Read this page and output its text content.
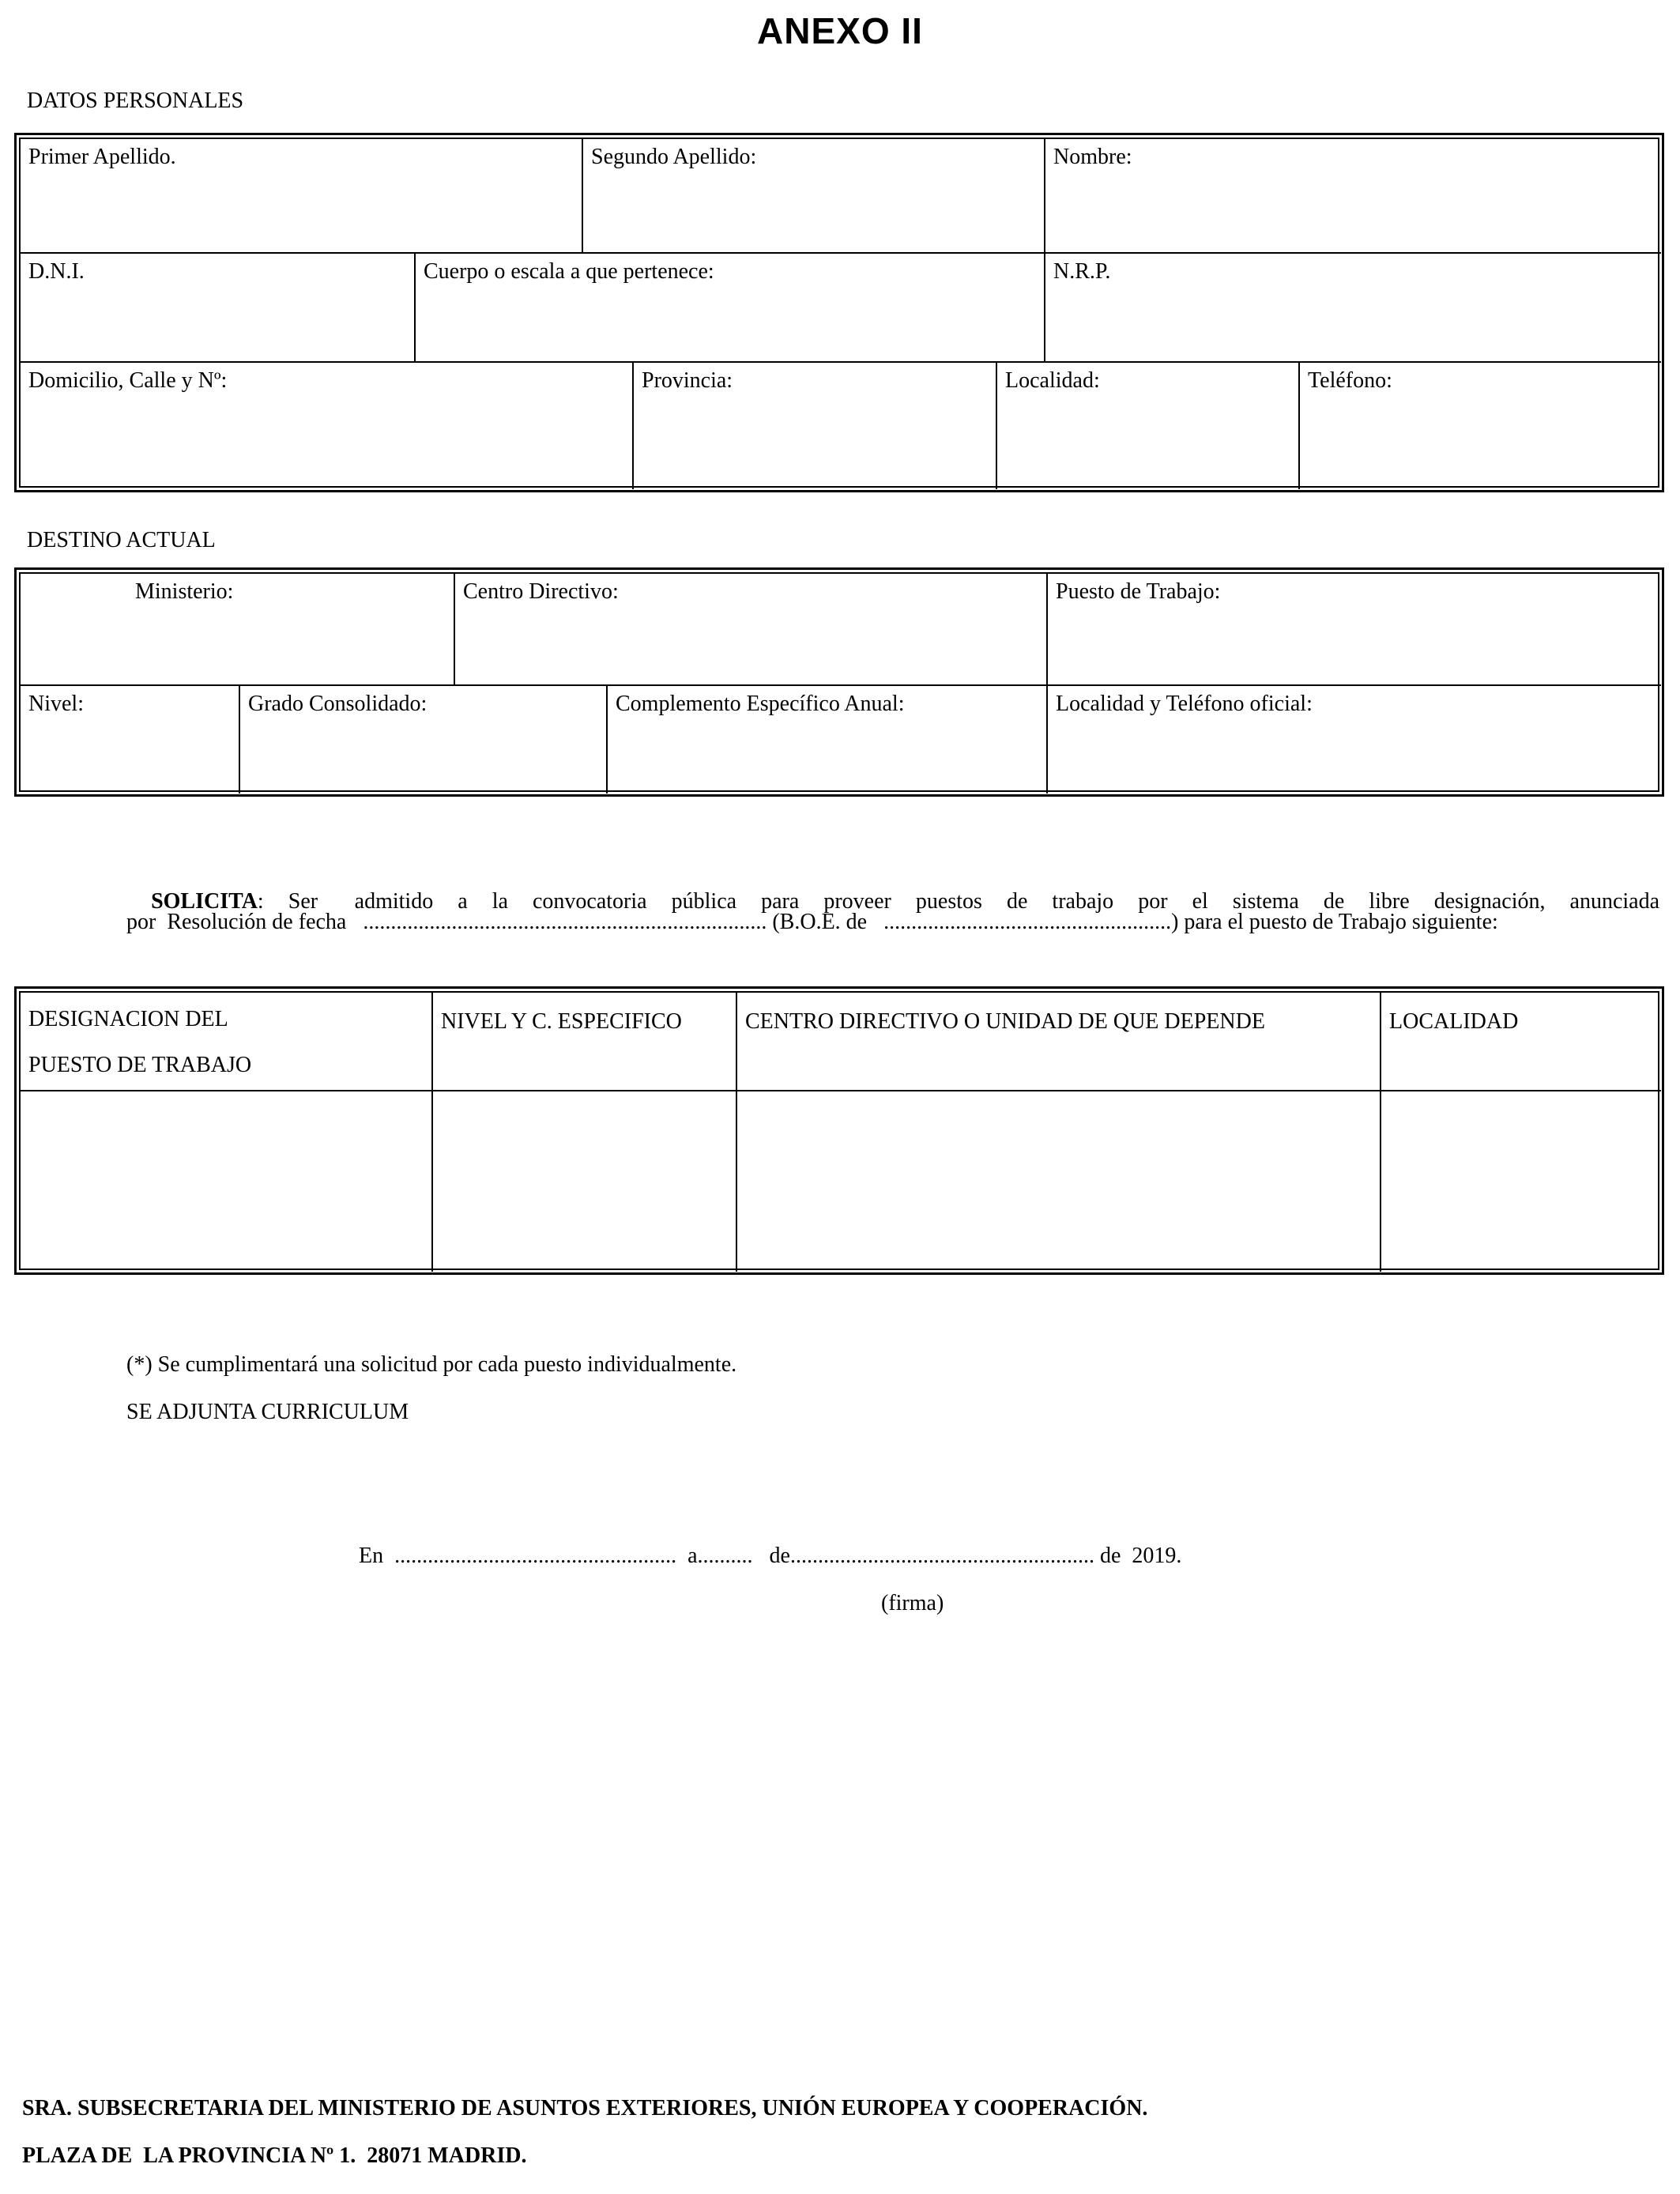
ANEXO II
DATOS PERSONALES
Primer Apellido.	Segundo Apellido:	Nombre:
D.N.I.	Cuerpo o escala a que pertenece:	N.R.P.
Domicilio, Calle y Nº:	Provincia:	Localidad:	Teléfono:
DESTINO ACTUAL
Ministerio:	Centro Directivo:	Puesto de Trabajo:
Nivel:	Grado Consolidado:	Complemento Específico Anual:	Localidad y Teléfono oficial:

SOLICITA:  Ser   admitido  a  la  convocatoria  pública  para  proveer  puestos  de  trabajo  por  el  sistema  de  libre  designación,  anunciada

por  Resolución de fecha   ......................................................................... (B.O.E. de   ....................................................) para el puesto de Trabajo siguiente:
DESIGNACION DEL
PUESTO DE TRABAJO
NIVEL Y C. ESPECIFICO	CENTRO DIRECTIVO O UNIDAD DE QUE DEPENDE	LOCALIDAD
(*) Se cumplimentará una solicitud por cada puesto individualmente.
SE ADJUNTA CURRICULUM
En  ...................................................  a..........   de....................................................... de  2019.
(firma)
SRA. SUBSECRETARIA DEL MINISTERIO DE ASUNTOS EXTERIORES, UNIÓN EUROPEA Y COOPERACIÓN.
PLAZA DE  LA PROVINCIA Nº 1.  28071 MADRID.
